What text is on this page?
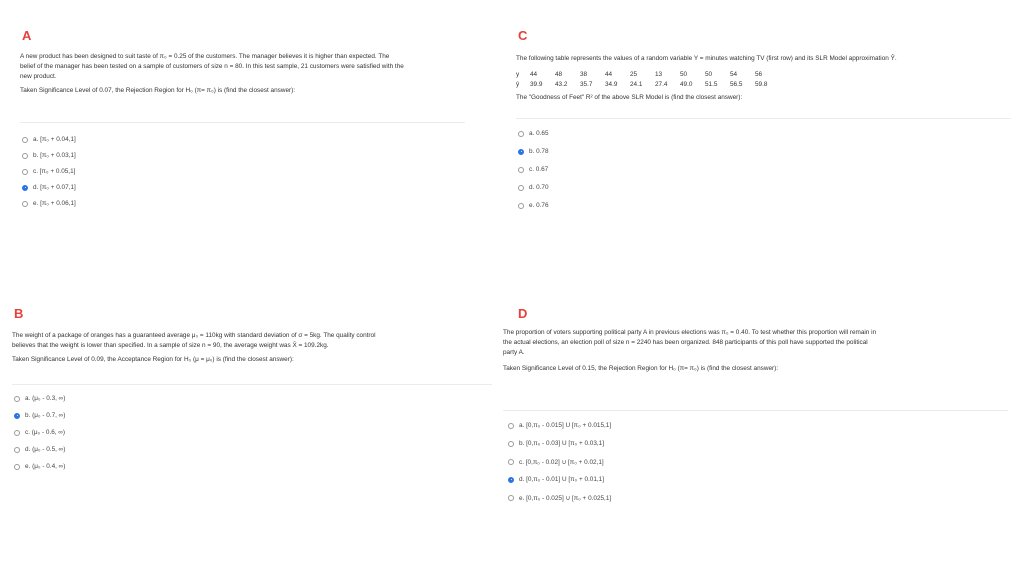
A
A new product has been designed to suit taste of π₀ = 0.25 of the customers. The manager believes it is higher than expected. The
belief of the manager has been tested on a sample of customers of size n = 80. In this test sample, 21 customers were satisfied with the
new product.
Taken Significance Level of 0.07, the Rejection Region for H₀ (π= π₀) is (find the closest answer):
a. [π₀ + 0.04,1]
b. [π₀ + 0.03,1]
c. [π₀ + 0.05,1]
d. [π₀ + 0.07,1]
e. [π₀ + 0.06,1]
C
The following table represents the values of a random variable Y = minutes watching TV (first row) and its SLR Model approximation Ŷ.
y	44	48	38	44	25	13	50	50	54	56
ŷ	39.9	43.2	35.7	34.9	24.1	27.4	49.0	51.5	56.5	59.8
The "Goodness of Feet" R² of the above SLR Model is (find the closest answer):
a. 0.65
b. 0.78
c. 0.67
d. 0.70
e. 0.76
B
The weight of a package of oranges has a guaranteed average μ₀ = 110kg with standard deviation of σ = 5kg. The quality control
believes that the weight is lower than specified. In a sample of size n = 90, the average weight was X̄ = 109.2kg.
Taken Significance Level of 0.09, the Acceptance Region for H₀ (μ = μ₀) is (find the closest answer):
a. (μ₀ - 0.3, ∞)
b. (μ₀ - 0.7, ∞)
c. (μ₀ - 0.6, ∞)
d. (μ₀ - 0.5, ∞)
e. (μ₀ - 0.4, ∞)
D
The proportion of voters supporting political party A in previous elections was π₀ = 0.40. To test whether this proportion will remain in
the actual elections, an election poll of size n = 2240 has been organized. 848 participants of this poll have supported the political
party A.
Taken Significance Level of 0.15, the Rejection Region for H₀ (π= π₀) is (find the closest answer):
a. [0,π₀ - 0.015] U [π₀ + 0.015,1]
b. [0,π₀ - 0.03] U [π₀ + 0.03,1]
c. [0,π₀ - 0.02] ∪ [π₀ + 0.02,1]
d. [0,π₀ - 0.01] U [π₀ + 0.01,1]
e. [0,π₀ - 0.025] ∪ [π₀ + 0.025,1]
